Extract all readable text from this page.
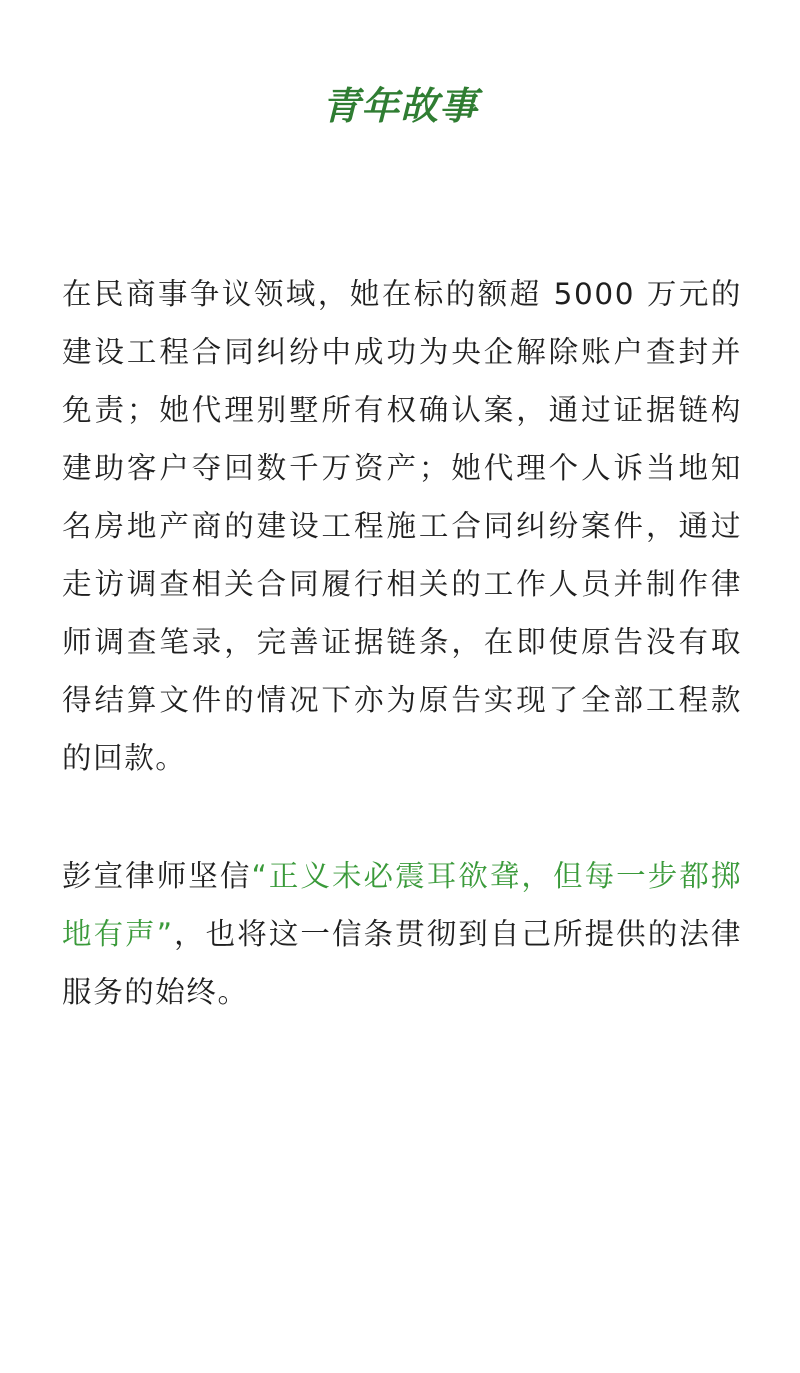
青年故事

在民商事争议领域，她在标的额超 5000 万元的建设工程合同纠纷中成功为央企解除账户查封并免责；她代理别墅所有权确认案，通过证据链构建助客户夺回数千万资产；她代理个人诉当地知名房地产商的建设工程施工合同纠纷案件，通过走访调查相关合同履行相关的工作人员并制作律师调查笔录，完善证据链条，在即使原告没有取得结算文件的情况下亦为原告实现了全部工程款的回款。

彭宣律师坚信“正义未必震耳欲聋，但每一步都掷地有声”，也将这一信条贯彻到自己所提供的法律服务的始终。
